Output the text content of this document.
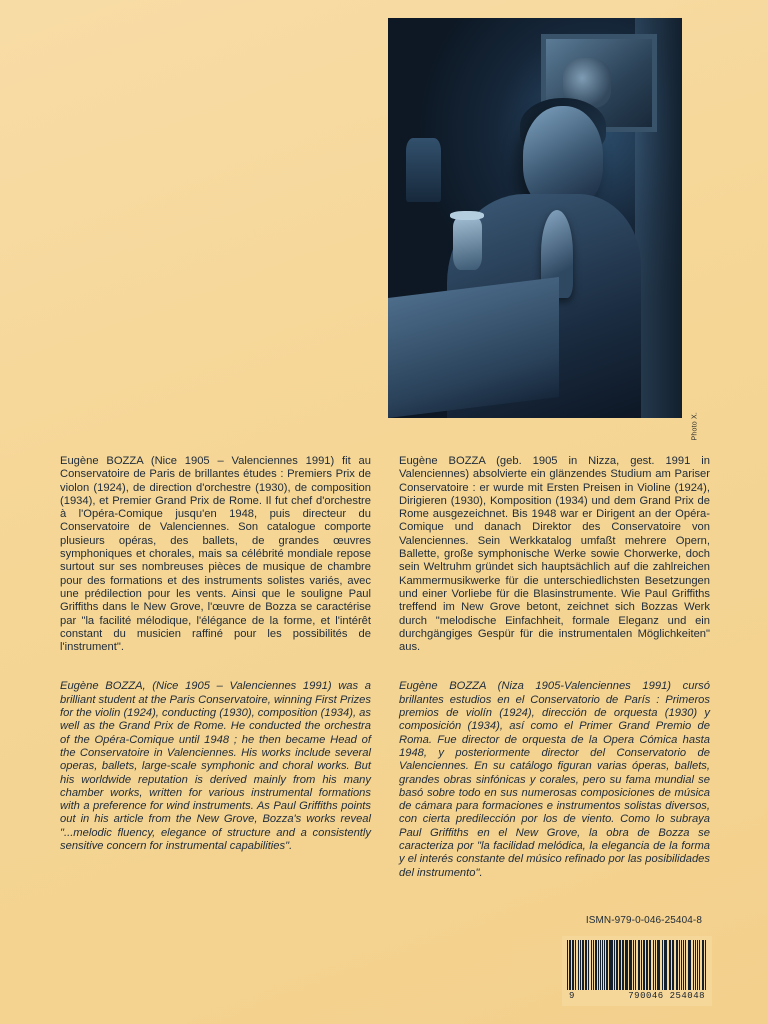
Photo X.

Eugène BOZZA (Nice 1905 – Valenciennes 1991) fit au Conservatoire de Paris de brillantes études : Premiers Prix de violon (1924), de direction d'orchestre (1930), de composition (1934), et Premier Grand Prix de Rome. Il fut chef d'orchestre à l'Opéra-Comique jusqu'en 1948, puis directeur du Conservatoire de Valenciennes. Son catalogue comporte plusieurs opéras, des ballets, de grandes œuvres symphoniques et chorales, mais sa célébrité mondiale repose surtout sur ses nombreuses pièces de musique de chambre pour des formations et des instruments solistes variés, avec une prédilection pour les vents. Ainsi que le souligne Paul Griffiths dans le New Grove, l'œuvre de Bozza se caractérise par "la facilité mélodique, l'élégance de la forme, et l'intérêt constant du musicien raffiné pour les possibilités de l'instrument".

Eugène BOZZA, (Nice 1905 – Valenciennes 1991) was a brilliant student at the Paris Conservatoire, winning First Prizes for the violin (1924), conducting (1930), composition (1934), as well as the Grand Prix de Rome. He conducted the orchestra of the Opéra-Comique until 1948 ; he then became Head of the Conservatoire in Valenciennes. His works include several operas, ballets, large-scale symphonic and choral works. But his worldwide reputation is derived mainly from his many chamber works, written for various instrumental formations with a preference for wind instruments. As Paul Griffiths points out in his article from the New Grove, Bozza's works reveal "...melodic fluency, elegance of structure and a consistently sensitive concern for instrumental capabilities".

Eugène BOZZA (geb. 1905 in Nizza, gest. 1991 in Valenciennes) absolvierte ein glänzendes Studium am Pariser Conservatoire : er wurde mit Ersten Preisen in Violine (1924), Dirigieren (1930), Komposition (1934) und dem Grand Prix de Rome ausgezeichnet. Bis 1948 war er Dirigent an der Opéra-Comique und danach Direktor des Conservatoire von Valenciennes. Sein Werkkatalog umfaßt mehrere Opern, Ballette, große symphonische Werke sowie Chorwerke, doch sein Weltruhm gründet sich hauptsächlich auf die zahlreichen Kammermusikwerke für die unterschiedlichsten Besetzungen und einer Vorliebe für die Blasinstrumente. Wie Paul Griffiths treffend im New Grove betont, zeichnet sich Bozzas Werk durch "melodische Einfachheit, formale Eleganz und ein durchgängiges Gespür für die instrumentalen Möglichkeiten" aus.

Eugène BOZZA (Niza 1905-Valenciennes 1991) cursó brillantes estudios en el Conservatorio de París : Primeros premios de violín (1924), dirección de orquesta (1930) y composición (1934), así como el Primer Grand Premio de Roma. Fue director de orquesta de la Opera Cómica hasta 1948, y posteriormente director del Conservatorio de Valenciennes. En su catálogo figuran varias óperas, ballets, grandes obras sinfónicas y corales, pero su fama mundial se basó sobre todo en sus numerosas composiciones de música de cámara para formaciones e instrumentos solistas diversos, con cierta predilección por los de viento. Como lo subraya Paul Griffiths en el New Grove, la obra de Bozza se caracteriza por "la facilidad melódica, la elegancia de la forma y el interés constante del músico refinado por las posibilidades del instrumento".

ISMN-979-0-046-25404-8
9	790046 254048
